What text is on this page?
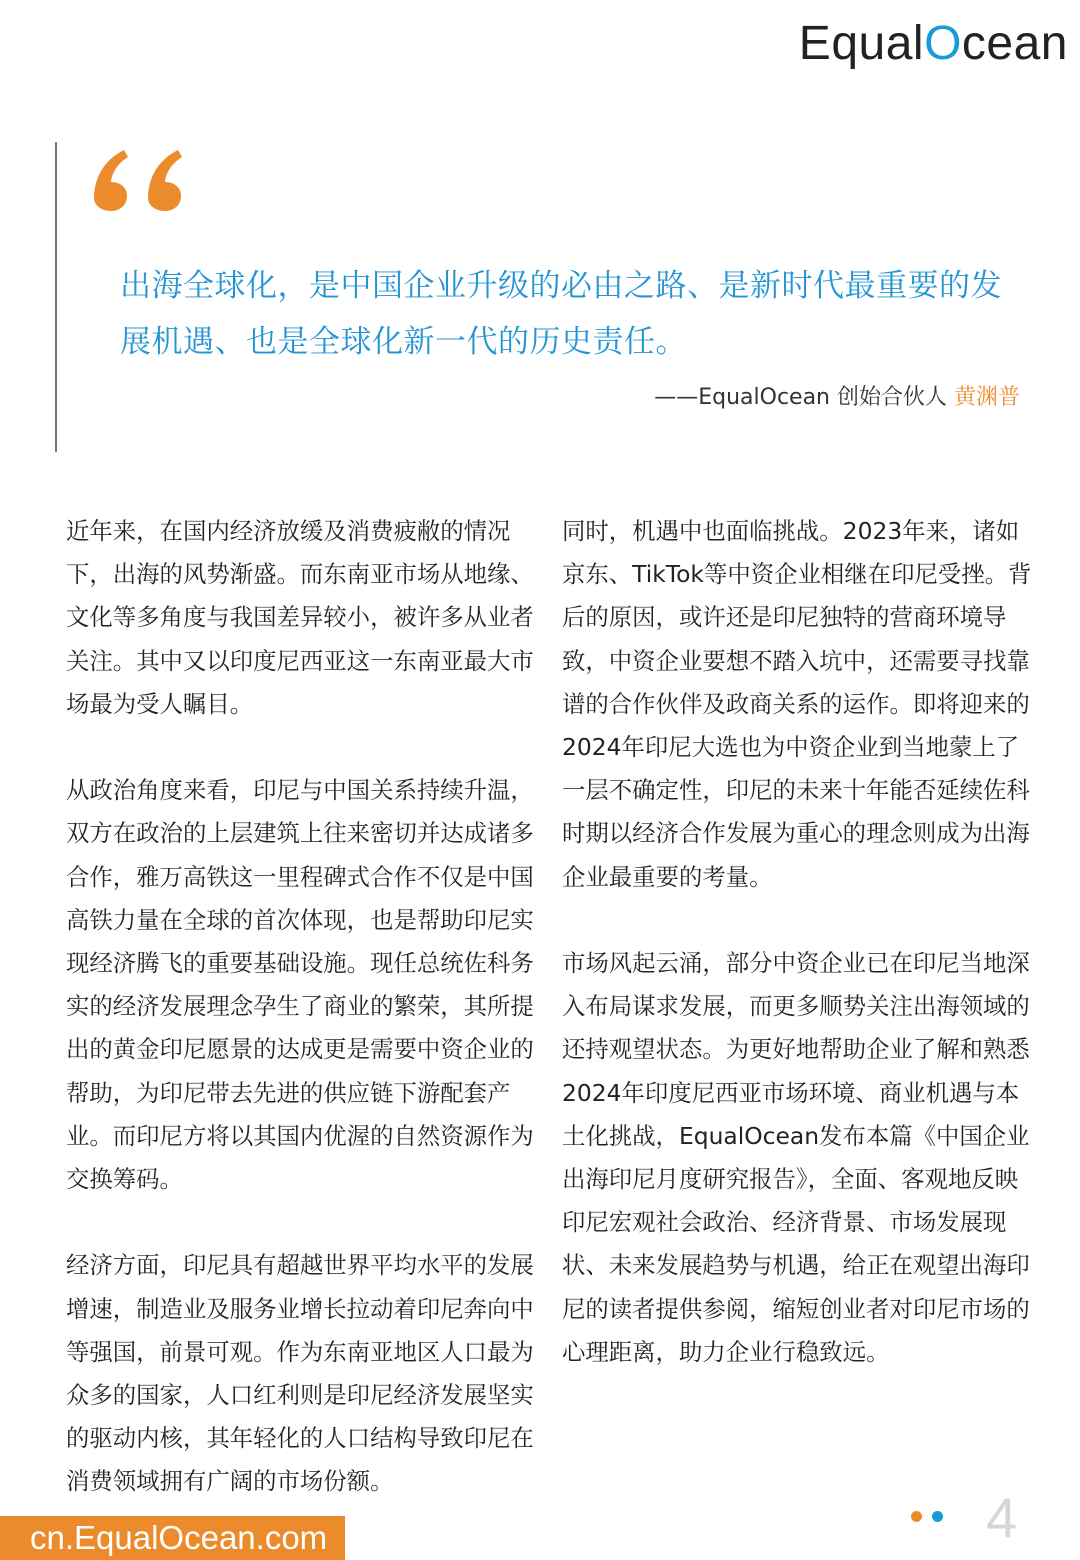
EqualOcean

出海全球化，是中国企业升级的必由之路、是新时代最重要的发展机遇、也是全球化新一代的历史责任。

——EqualOcean 创始合伙人 黄渊普

近年来，在国内经济放缓及消费疲敝的情况下，出海的风势渐盛。而东南亚市场从地缘、文化等多角度与我国差异较小，被许多从业者关注。其中又以印度尼西亚这一东南亚最大市场最为受人瞩目。

从政治角度来看，印尼与中国关系持续升温，双方在政治的上层建筑上往来密切并达成诸多合作，雅万高铁这一里程碑式合作不仅是中国高铁力量在全球的首次体现，也是帮助印尼实现经济腾飞的重要基础设施。现任总统佐科务实的经济发展理念孕生了商业的繁荣，其所提出的黄金印尼愿景的达成更是需要中资企业的帮助，为印尼带去先进的供应链下游配套产业。而印尼方将以其国内优渥的自然资源作为交换筹码。

经济方面，印尼具有超越世界平均水平的发展增速，制造业及服务业增长拉动着印尼奔向中等强国，前景可观。作为东南亚地区人口最为众多的国家，人口红利则是印尼经济发展坚实的驱动内核，其年轻化的人口结构导致印尼在消费领域拥有广阔的市场份额。

同时，机遇中也面临挑战。2023年来，诸如京东、TikTok等中资企业相继在印尼受挫。背后的原因，或许还是印尼独特的营商环境导致，中资企业要想不踏入坑中，还需要寻找靠谱的合作伙伴及政商关系的运作。即将迎来的2024年印尼大选也为中资企业到当地蒙上了一层不确定性，印尼的未来十年能否延续佐科时期以经济合作发展为重心的理念则成为出海企业最重要的考量。

市场风起云涌，部分中资企业已在印尼当地深入布局谋求发展，而更多顺势关注出海领域的还持观望状态。为更好地帮助企业了解和熟悉2024年印度尼西亚市场环境、商业机遇与本土化挑战，EqualOcean发布本篇《中国企业出海印尼月度研究报告》，全面、客观地反映印尼宏观社会政治、经济背景、市场发展现状、未来发展趋势与机遇，给正在观望出海印尼的读者提供参阅，缩短创业者对印尼市场的心理距离，助力企业行稳致远。

4
cn.EqualOcean.com
